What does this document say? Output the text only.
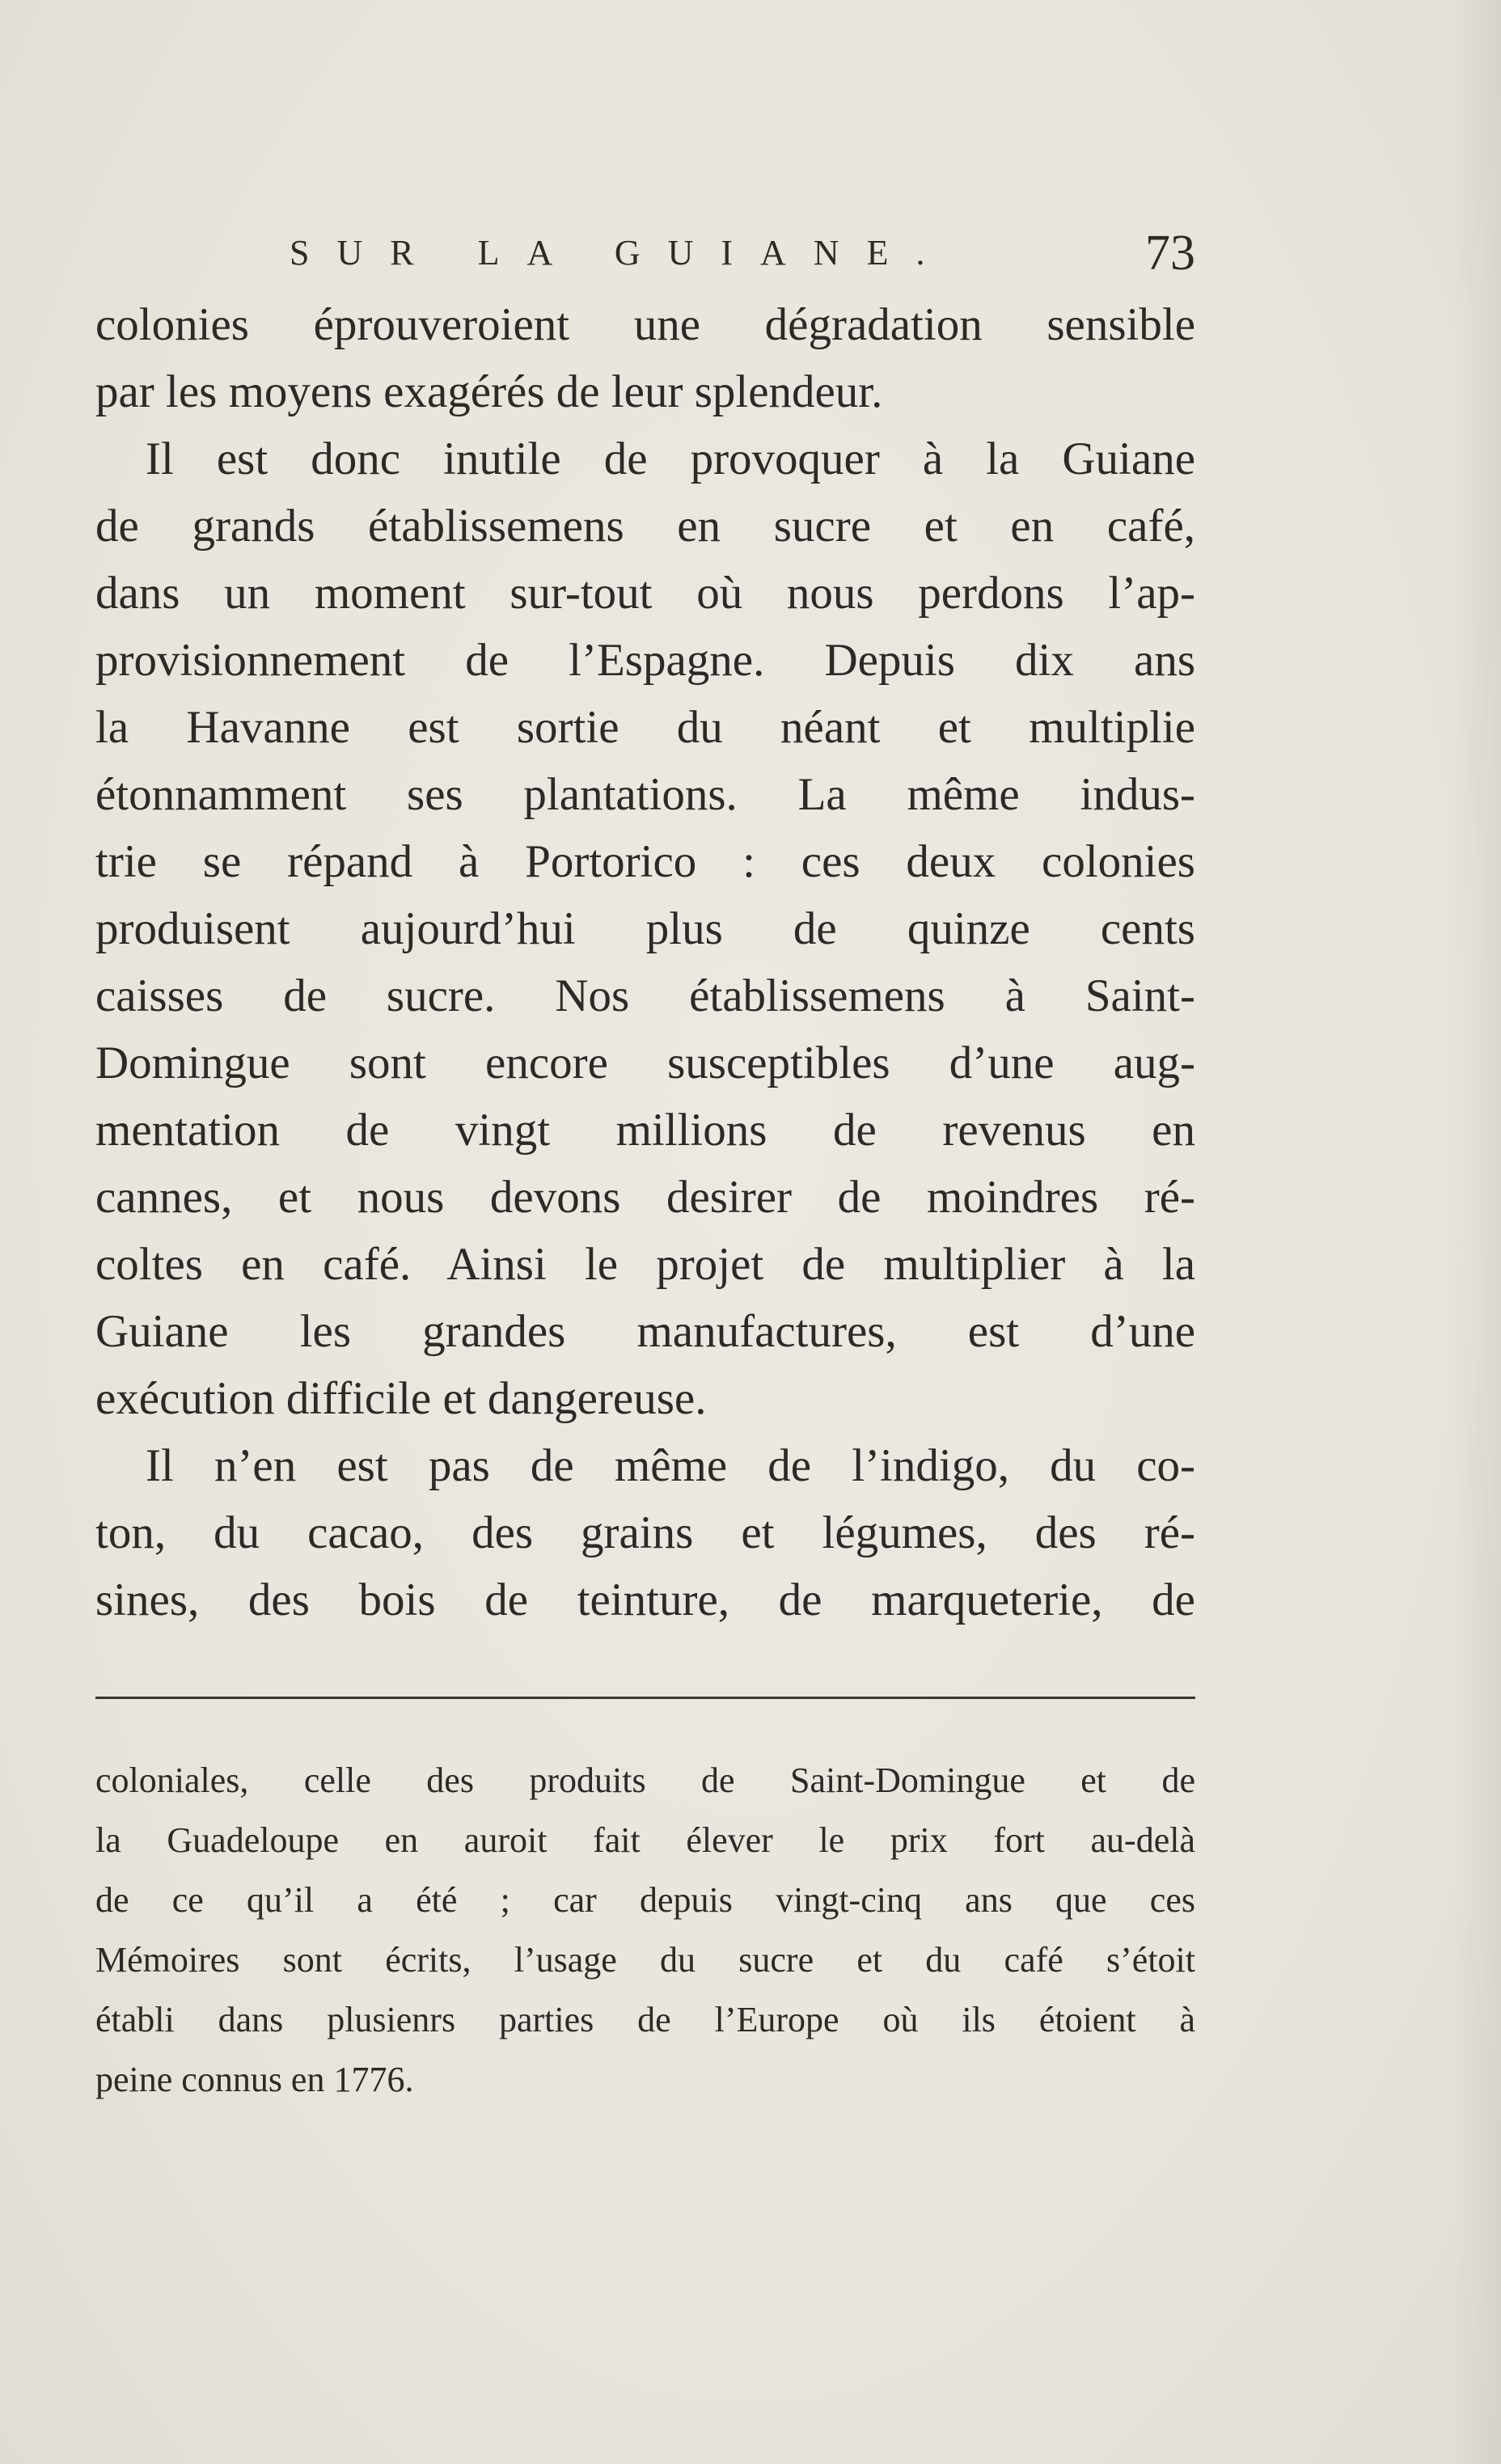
SUR LA GUIANE.	73
colonies éprouveroient une dégradation sensible
par les moyens exagérés de leur splendeur.
Il est donc inutile de provoquer à la Guiane
de grands établissemens en sucre et en café,
dans un moment sur-tout où nous perdons l’ap-
provisionnement de l’Espagne. Depuis dix ans
la Havanne est sortie du néant et multiplie
étonnamment ses plantations. La même indus-
trie se répand à Portorico : ces deux colonies
produisent aujourd’hui plus de quinze cents
caisses de sucre. Nos établissemens à Saint-
Domingue sont encore susceptibles d’une aug-
mentation de vingt millions de revenus en
cannes, et nous devons desirer de moindres ré-
coltes en café. Ainsi le projet de multiplier à la
Guiane les grandes manufactures, est d’une
exécution difficile et dangereuse.
Il n’en est pas de même de l’indigo, du co-
ton, du cacao, des grains et légumes, des ré-
sines, des bois de teinture, de marqueterie, de
coloniales, celle des produits de Saint-Domingue et de
la Guadeloupe en auroit fait élever le prix fort au-delà
de ce qu’il a été ; car depuis vingt-cinq ans que ces
Mémoires sont écrits, l’usage du sucre et du café s’étoit
établi dans plusienrs parties de l’Europe où ils étoient à
peine connus en 1776.
